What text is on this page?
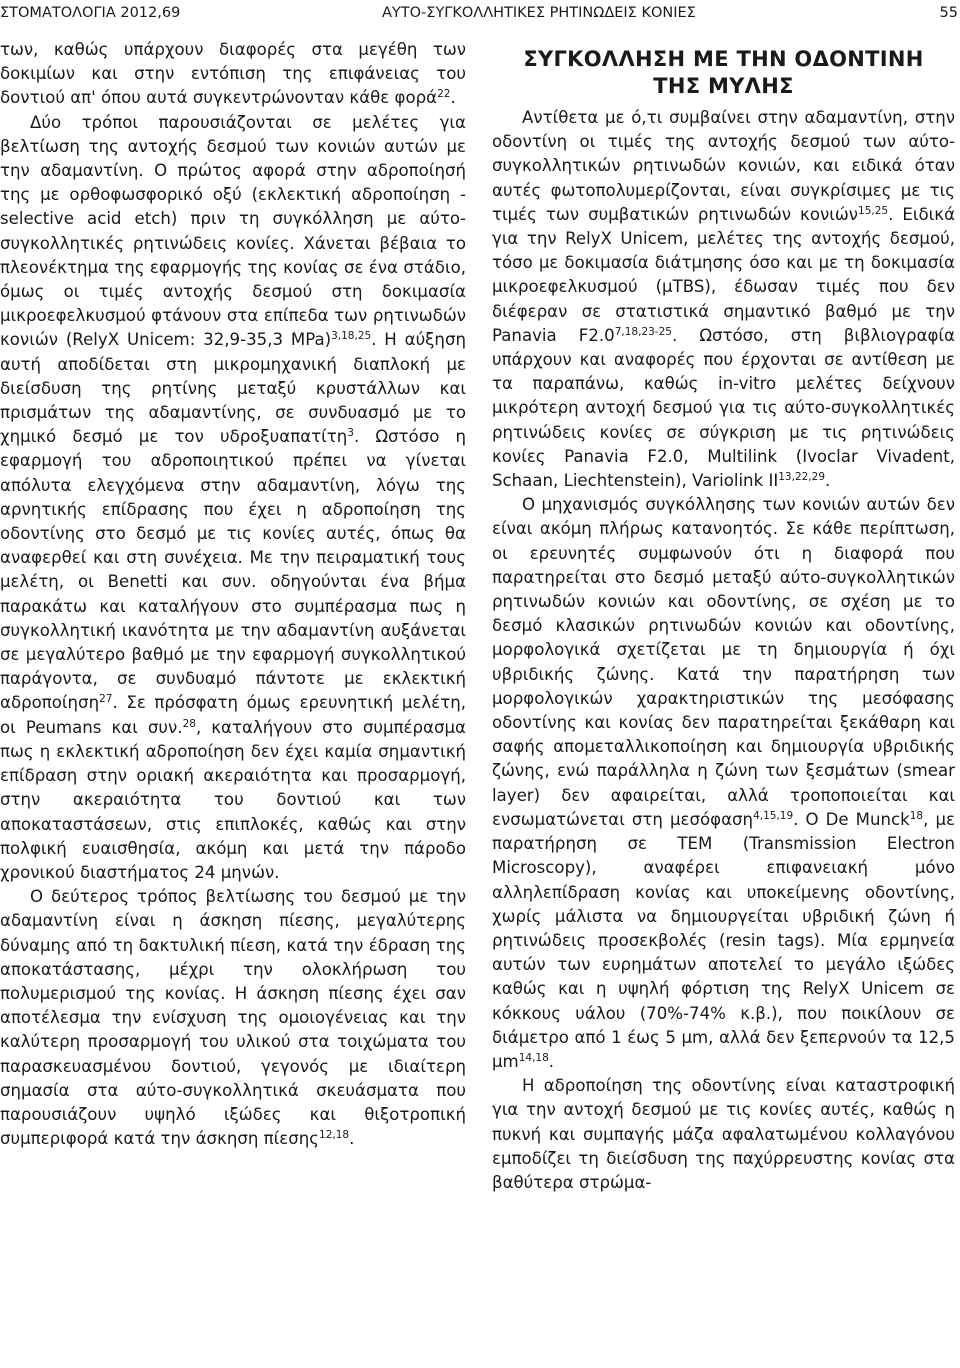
ΣΤΟΜΑΤΟΛΟΓΙΑ 2012,69	ΑΥΤΟ-ΣΥΓΚΟΛΛΗΤΙΚΕΣ ΡΗΤΙΝΩΔΕΙΣ ΚΟΝΙΕΣ	55

των, καθώς υπάρχουν διαφορές στα μεγέθη των δοκιμίων και στην εντόπιση της επιφάνειας του δοντιού απ' όπου αυτά συγκεντρώνονταν κάθε φορά$^{22}$.

Δύο τρόποι παρουσιάζονται σε μελέτες για βελτίωση της αντοχής δεσμού των κονιών αυτών με την αδαμαντίνη. Ο πρώτος αφορά στην αδροποίησή της με ορθοφωσφορικό οξύ (εκλεκτική αδροποίηση - selective acid etch) πριν τη συγκόλληση με αύτο-συγκολλητικές ρητινώδεις κονίες. Χάνεται βέβαια το πλεονέκτημα της εφαρμογής της κονίας σε ένα στάδιο, όμως οι τιμές αντοχής δεσμού στη δοκιμασία μικροεφελκυσμού φτάνουν στα επίπεδα των ρητινωδών κονιών (RelyX Unicem: 32,9-35,3 MPa)$^{3,18,25}$. Η αύξηση αυτή αποδίδεται στη μικρομηχανική διαπλοκή με διείσδυση της ρητίνης μεταξύ κρυστάλλων και πρισμάτων της αδαμαντίνης, σε συνδυασμό με το χημικό δεσμό με τον υδροξυαπατίτη$^3$. Ωστόσο η εφαρμογή του αδροποιητικού πρέπει να γίνεται απόλυτα ελεγχόμενα στην αδαμαντίνη, λόγω της αρνητικής επίδρασης που έχει η αδροποίηση της οδοντίνης στο δεσμό με τις κονίες αυτές, όπως θα αναφερθεί και στη συνέχεια. Με την πειραματική τους μελέτη, οι Benetti και συν. οδηγούνται ένα βήμα παρακάτω και καταλήγουν στο συμπέρασμα πως η συγκολλητική ικανότητα με την αδαμαντίνη αυξάνεται σε μεγαλύτερο βαθμό με την εφαρμογή συγκολλητικού παράγοντα, σε συνδυαμό πάντοτε με εκλεκτική αδροποίηση$^{27}$. Σε πρόσφατη όμως ερευνητική μελέτη, οι Peumans και συν.$^{28}$, καταλήγουν στο συμπέρασμα πως η εκλεκτική αδροποίηση δεν έχει καμία σημαντική επίδραση στην οριακή ακεραιότητα και προσαρμογή, στην ακεραιότητα του δοντιού και των αποκαταστάσεων, στις επιπλοκές, καθώς και στην πολφική ευαισθησία, ακόμη και μετά την πάροδο χρονικού διαστήματος 24 μηνών.

Ο δεύτερος τρόπος βελτίωσης του δεσμού με την αδαμαντίνη είναι η άσκηση πίεσης, μεγαλύτερης δύναμης από τη δακτυλική πίεση, κατά την έδραση της αποκατάστασης, μέχρι την ολοκλήρωση του πολυμερισμού της κονίας. Η άσκηση πίεσης έχει σαν αποτέλεσμα την ενίσχυση της ομοιογένειας και την καλύτερη προσαρμογή του υλικού στα τοιχώματα του παρασκευασμένου δοντιού, γεγονός με ιδιαίτερη σημασία στα αύτο-συγκολλητικά σκευάσματα που παρουσιάζουν υψηλό ιξώδες και θιξοτροπική συμπεριφορά κατά την άσκηση πίεσης$^{12,18}$.

ΣΥΓΚΟΛΛΗΣΗ ΜΕ ΤΗΝ ΟΔΟΝΤΙΝΗ
ΤΗΣ ΜΥΛΗΣ

Αντίθετα με ό,τι συμβαίνει στην αδαμαντίνη, στην οδοντίνη οι τιμές της αντοχής δεσμού των αύτο-συγκολλητικών ρητινωδών κονιών, και ειδικά όταν αυτές φωτοπολυμερίζονται, είναι συγκρίσιμες με τις τιμές των συμβατικών ρητινωδών κονιών$^{15,25}$. Ειδικά για την RelyX Unicem, μελέτες της αντοχής δεσμού, τόσο με δοκιμασία διάτμησης όσο και με τη δοκιμασία μικροεφελκυσμού (μTBS), έδωσαν τιμές που δεν διέφεραν σε στατιστικά σημαντικό βαθμό με την Panavia F2.0$^{7,18,23-25}$. Ωστόσο, στη βιβλιογραφία υπάρχουν και αναφορές που έρχονται σε αντίθεση με τα παραπάνω, καθώς in-vitro μελέτες δείχνουν μικρότερη αντοχή δεσμού για τις αύτο-συγκολλητικές ρητινώδεις κονίες σε σύγκριση με τις ρητινώδεις κονίες Panavia F2.0, Multilink (Ivoclar Vivadent, Schaan, Liechtenstein), Variolink II$^{13,22,29}$.

Ο μηχανισμός συγκόλλησης των κονιών αυτών δεν είναι ακόμη πλήρως κατανοητός. Σε κάθε περίπτωση, οι ερευνητές συμφωνούν ότι η διαφορά που παρατηρείται στο δεσμό μεταξύ αύτο-συγκολλητικών ρητινωδών κονιών και οδοντίνης, σε σχέση με το δεσμό κλασικών ρητινωδών κονιών και οδοντίνης, μορφολογικά σχετίζεται με τη δημιουργία ή όχι υβριδικής ζώνης. Κατά την παρατήρηση των μορφολογικών χαρακτηριστικών της μεσόφασης οδοντίνης και κονίας δεν παρατηρείται ξεκάθαρη και σαφής απομεταλλικοποίηση και δημιουργία υβριδικής ζώνης, ενώ παράλληλα η ζώνη των ξεσμάτων (smear layer) δεν αφαιρείται, αλλά τροποποιείται και ενσωματώνεται στη μεσόφαση$^{4,15,19}$. Ο De Munck$^{18}$, με παρατήρηση σε TEM (Transmission Electron Microscopy), αναφέρει επιφανειακή μόνο αλληλεπίδραση κονίας και υποκείμενης οδοντίνης, χωρίς μάλιστα να δημιουργείται υβριδική ζώνη ή ρητινώδεις προσεκβολές (resin tags). Μία ερμηνεία αυτών των ευρημάτων αποτελεί το μεγάλο ιξώδες καθώς και η υψηλή φόρτιση της RelyX Unicem σε κόκκους υάλου (70%-74% κ.β.), που ποικίλουν σε διάμετρο από 1 έως 5 μm, αλλά δεν ξεπερνούν τα 12,5 μm$^{14,18}$.

Η αδροποίηση της οδοντίνης είναι καταστροφική για την αντοχή δεσμού με τις κονίες αυτές, καθώς η πυκνή και συμπαγής μάζα αφαλατωμένου κολλαγόνου εμποδίζει τη διείσδυση της παχύρρευστης κονίας στα βαθύτερα στρώμα-
